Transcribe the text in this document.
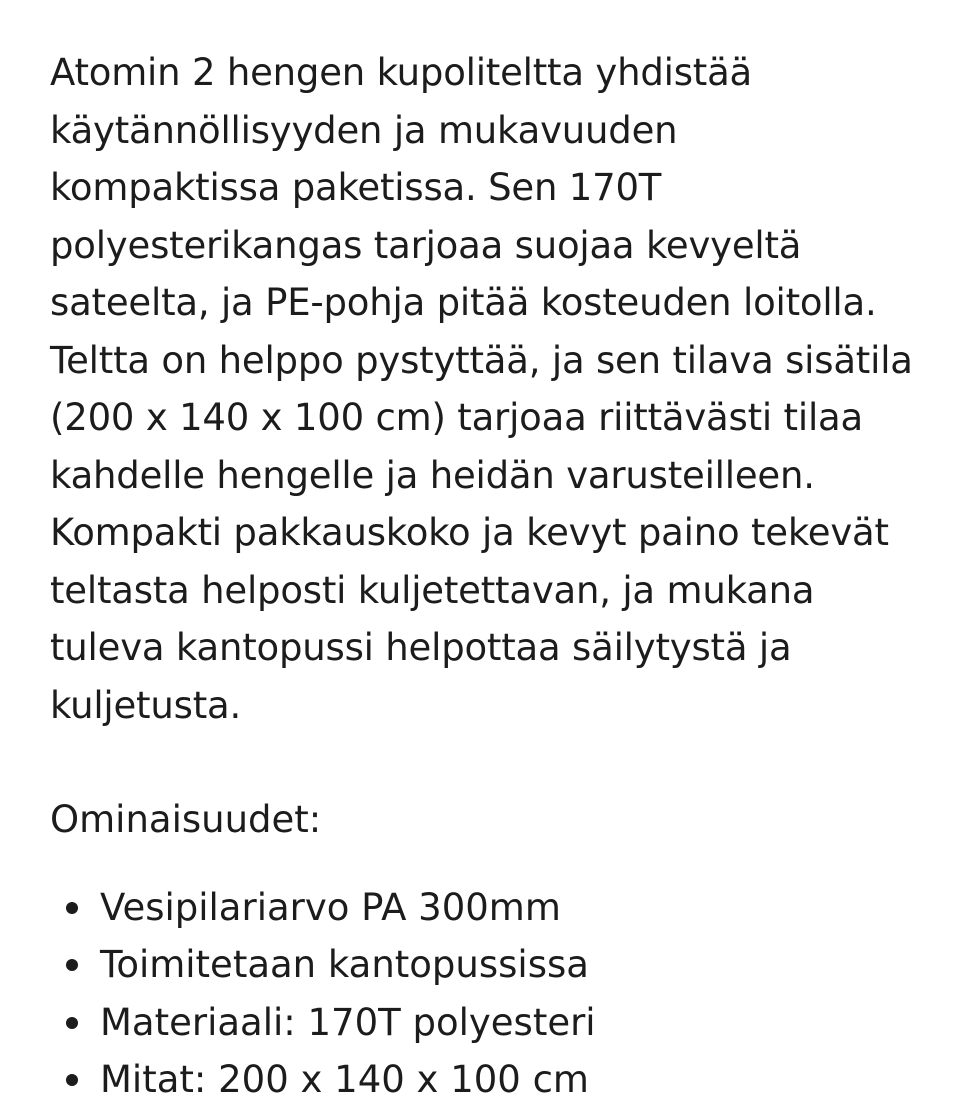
Atomin 2 hengen kupoliteltta yhdistää
käytännöllisyyden ja mukavuuden
kompaktissa paketissa. Sen 170T
polyesterikangas tarjoaa suojaa kevyeltä
sateelta, ja PE-pohja pitää kosteuden loitolla.
Teltta on helppo pystyttää, ja sen tilava sisätila
(200 x 140 x 100 cm) tarjoaa riittävästi tilaa
kahdelle hengelle ja heidän varusteilleen.
Kompakti pakkauskoko ja kevyt paino tekevät
teltasta helposti kuljetettavan, ja mukana
tuleva kantopussi helpottaa säilytystä ja
kuljetusta.

Ominaisuudet:

Vesipilariarvo PA 300mm
Toimitetaan kantopussissa
Materiaali: 170T polyesteri
Mitat: 200 x 140 x 100 cm
